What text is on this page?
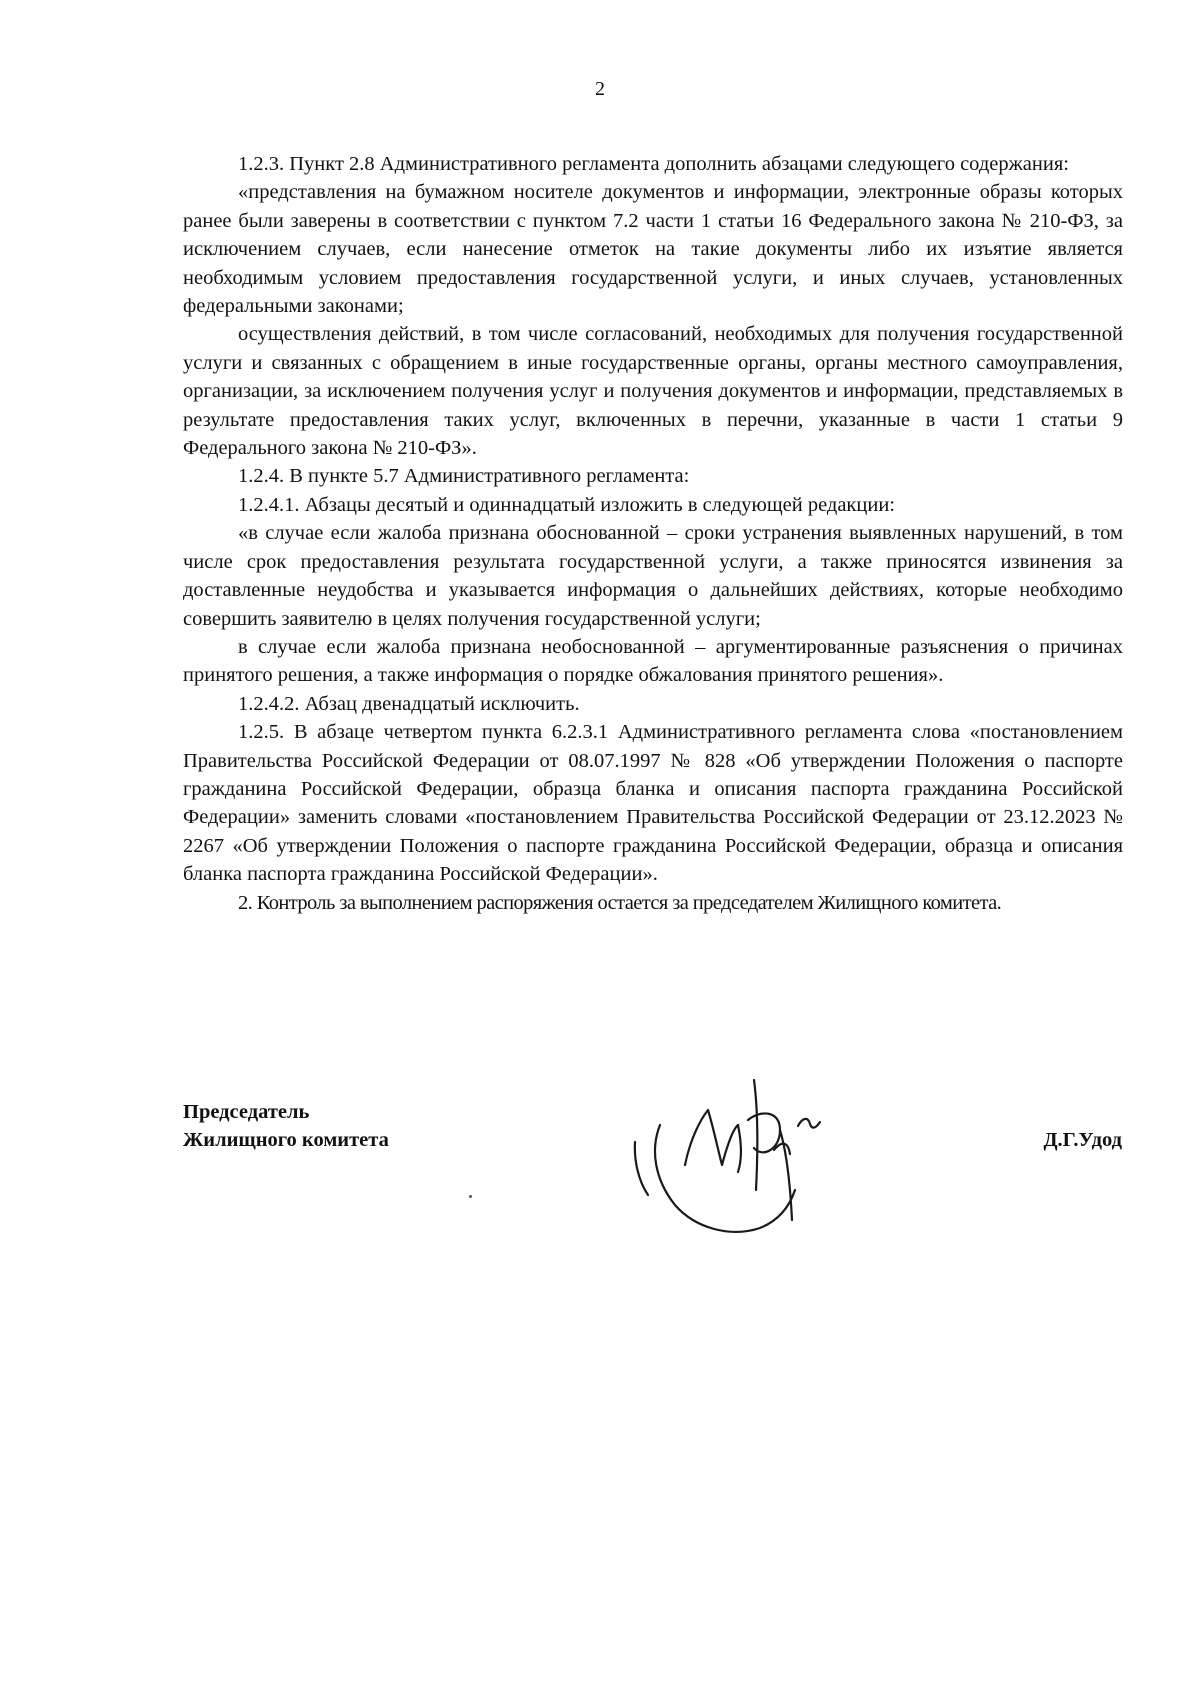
2

1.2.3. Пункт 2.8 Административного регламента дополнить абзацами следующего содержания:

«представления на бумажном носителе документов и информации, электронные образы которых ранее были заверены в соответствии с пунктом 7.2 части 1 статьи 16 Федерального закона № 210-ФЗ, за исключением случаев, если нанесение отметок на такие документы либо их изъятие является необходимым условием предоставления государственной услуги, и иных случаев, установленных федеральными законами;

осуществления действий, в том числе согласований, необходимых для получения государственной услуги и связанных с обращением в иные государственные органы, органы местного самоуправления, организации, за исключением получения услуг и получения документов и информации, представляемых в результате предоставления таких услуг, включенных в перечни, указанные в части 1 статьи 9 Федерального закона № 210-ФЗ».

1.2.4. В пункте 5.7 Административного регламента:

1.2.4.1. Абзацы десятый и одиннадцатый изложить в следующей редакции:

«в случае если жалоба признана обоснованной – сроки устранения выявленных нарушений, в том числе срок предоставления результата государственной услуги, а также приносятся извинения за доставленные неудобства и указывается информация о дальнейших действиях, которые необходимо совершить заявителю в целях получения государственной услуги;

в случае если жалоба признана необоснованной – аргументированные разъяснения о причинах принятого решения, а также информация о порядке обжалования принятого решения».

1.2.4.2. Абзац двенадцатый исключить.

1.2.5. В абзаце четвертом пункта 6.2.3.1 Административного регламента слова «постановлением Правительства Российской Федерации от 08.07.1997 № 828 «Об утверждении Положения о паспорте гражданина Российской Федерации, образца бланка и описания паспорта гражданина Российской Федерации» заменить словами «постановлением Правительства Российской Федерации от 23.12.2023 № 2267 «Об утверждении Положения о паспорте гражданина Российской Федерации, образца и описания бланка паспорта гражданина Российской Федерации».

2. Контроль за выполнением распоряжения остается за председателем Жилищного комитета.

Председатель
Жилищного комитета	Д.Г.Удод
